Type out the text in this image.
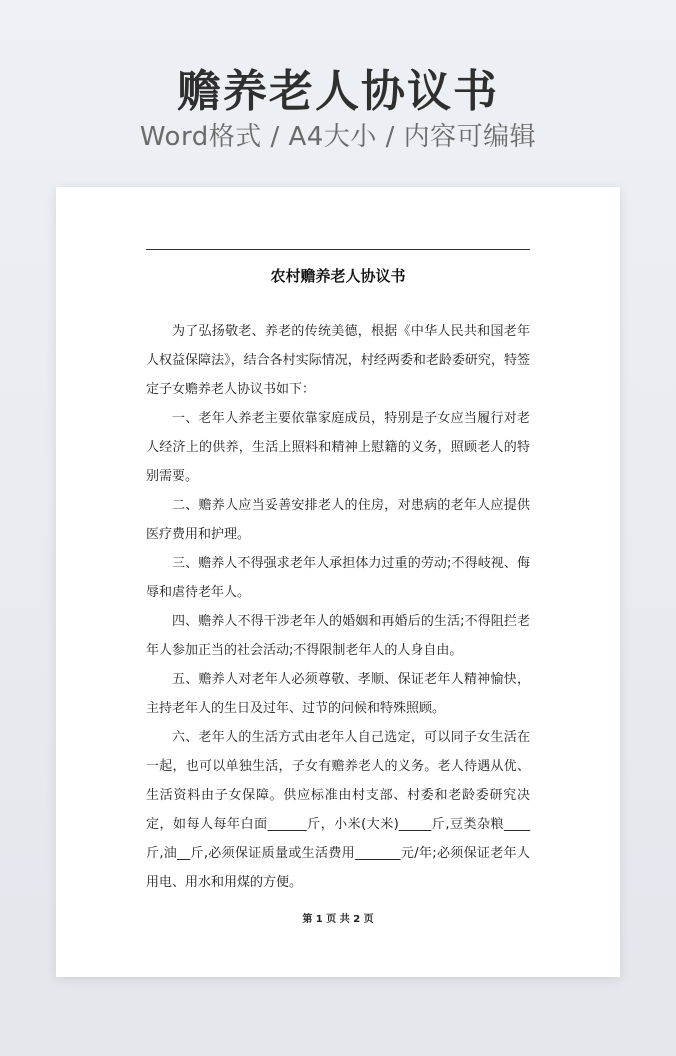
赡养老人协议书
Word格式 / A4大小 / 内容可编辑
农村赡养老人协议书

为了弘扬敬老、养老的传统美德，根据《中华人民共和国老年人权益保障法》，结合各村实际情况，村经两委和老龄委研究，特签定子女赡养老人协议书如下：

一、老年人养老主要依靠家庭成员，特别是子女应当履行对老人经济上的供养，生活上照料和精神上慰籍的义务，照顾老人的特别需要。

二、赡养人应当妥善安排老人的住房，对患病的老年人应提供医疗费用和护理。

三、赡养人不得强求老年人承担体力过重的劳动;不得岐视、侮辱和虐待老年人。

四、赡养人不得干涉老年人的婚姻和再婚后的生活;不得阻拦老年人参加正当的社会活动;不得限制老年人的人身自由。

五、赡养人对老年人必须尊敬、孝顺、保证老年人精神愉快，主持老年人的生日及过年、过节的问候和特殊照顾。

六、老年人的生活方式由老年人自己选定，可以同子女生活在一起，也可以单独生活，子女有赡养老人的义务。老人待遇从优、生活资料由子女保障。供应标准由村支部、村委和老龄委研究决定，如每人每年白面______斤，小米(大米)_____斤,豆类杂粮____斤,油__斤,必须保证质量或生活费用_______元/年;必须保证老年人用电、用水和用煤的方便。

第 1 页 共 2 页
